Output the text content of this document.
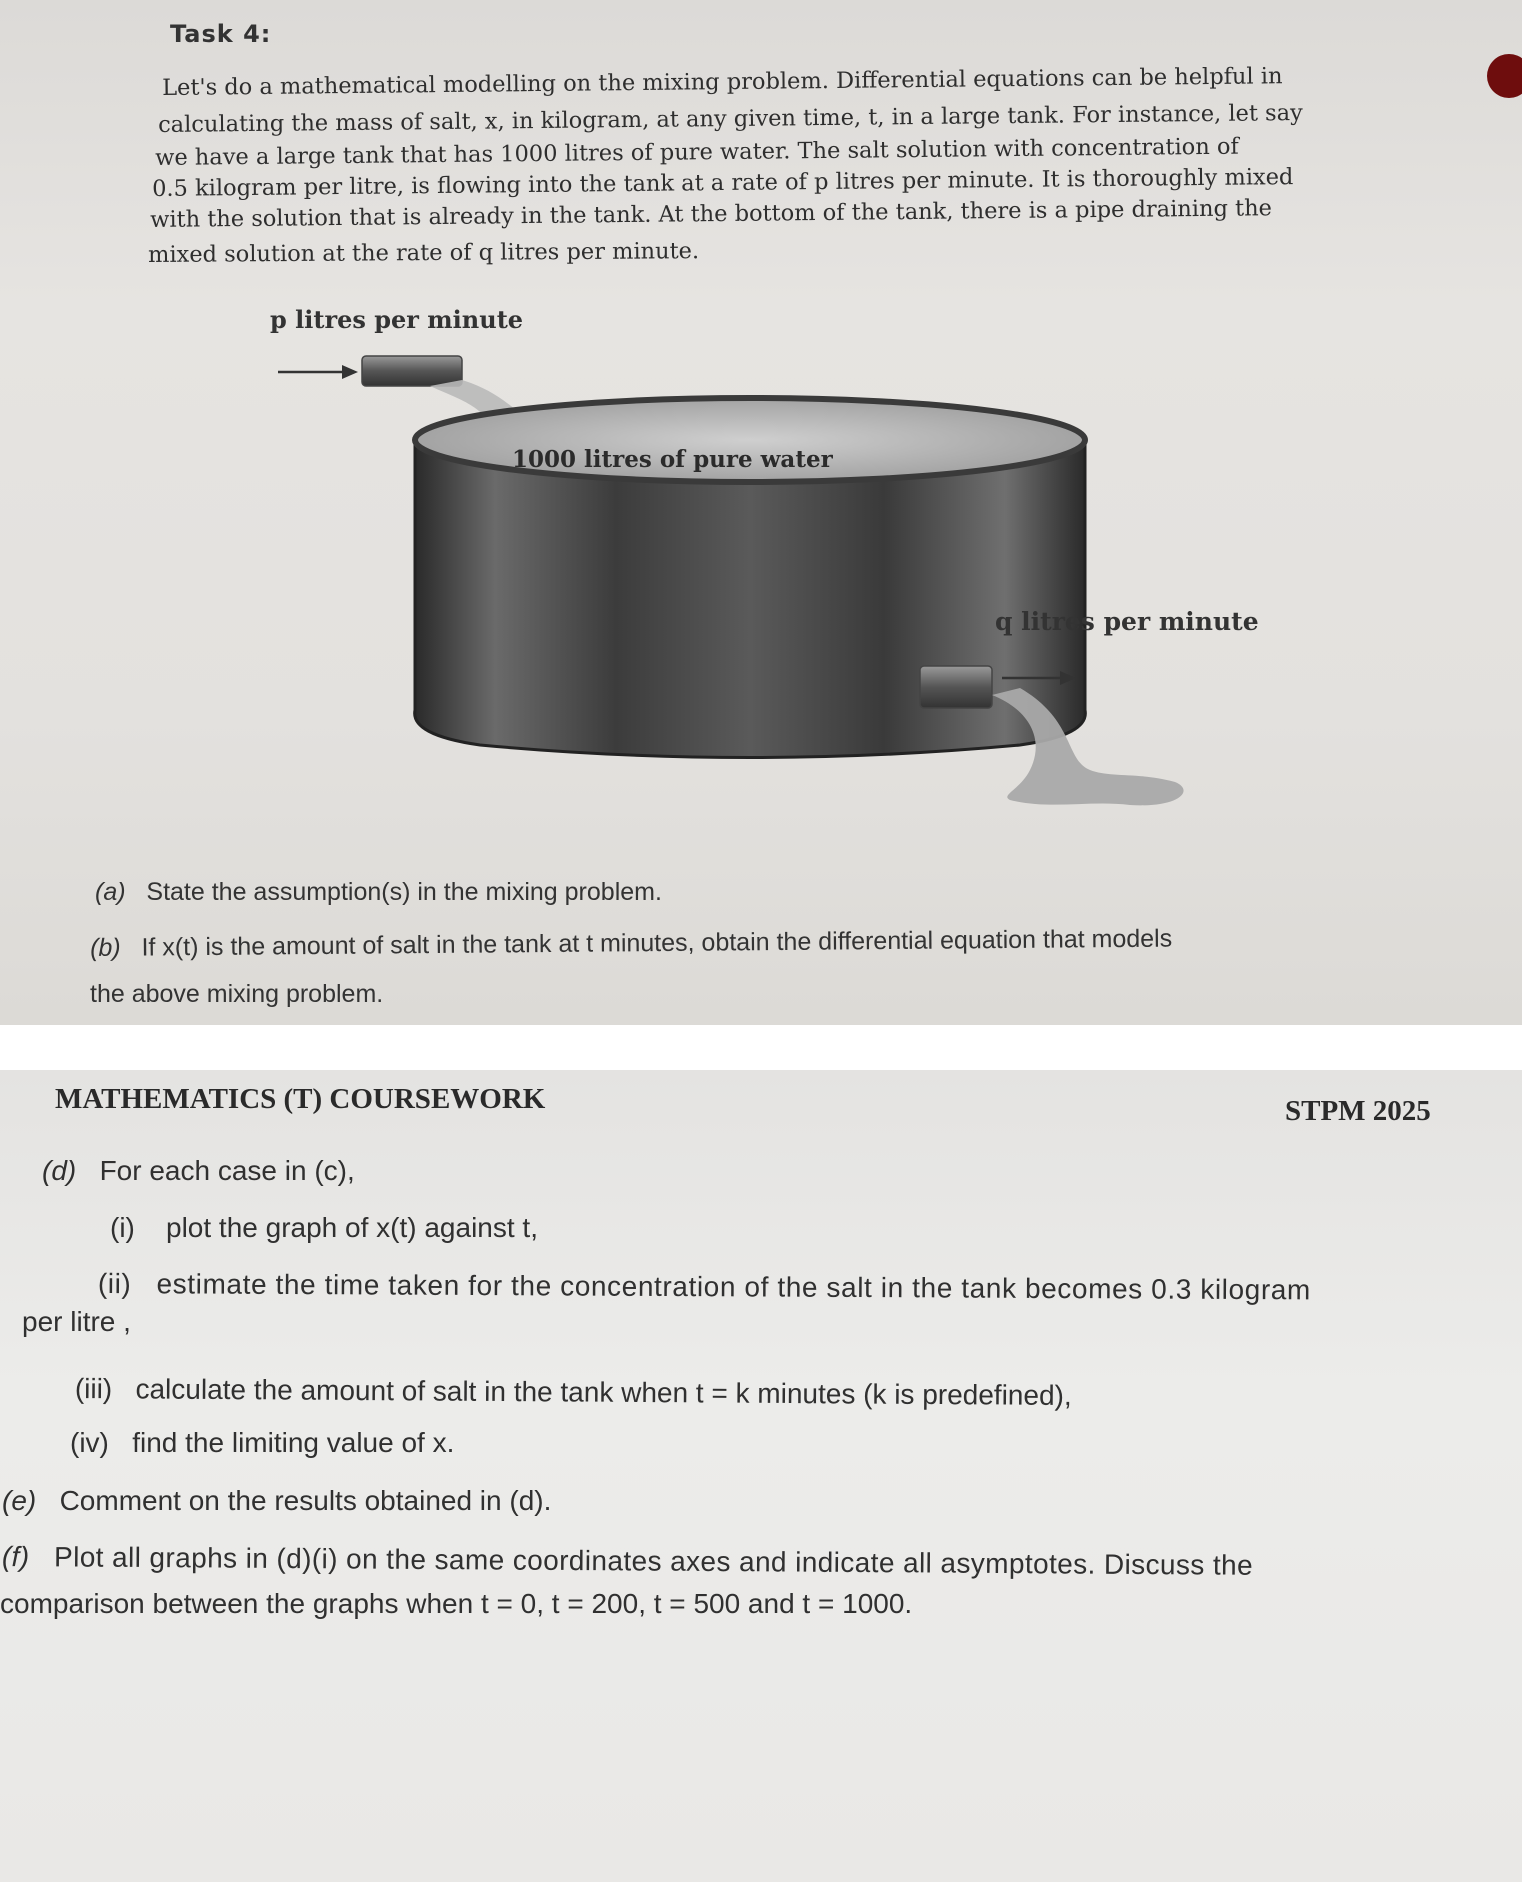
Task 4:

Let's do a mathematical modelling on the mixing problem. Differential equations can be helpful in

calculating the mass of salt, x, in kilogram, at any given time, t, in a large tank. For instance, let say

we have a large tank that has 1000 litres of pure water. The salt solution with concentration of

0.5 kilogram per litre, is flowing into the tank at a rate of p litres per minute. It is thoroughly mixed

with the solution that is already in the tank. At the bottom of the tank, there is a pipe draining the

mixed solution at the rate of q litres per minute.

p litres per minute
1000 litres of pure water
q litres per minute

(a) State the assumption(s) in the mixing problem.

(b) If x(t) is the amount of salt in the tank at t minutes, obtain the differential equation that models

the above mixing problem.

MATHEMATICS (T) COURSEWORK	STPM 2025

(d) For each case in (c),

(i) plot the graph of x(t) against t,

(ii) estimate the time taken for the concentration of the salt in the tank becomes 0.3 kilogram

per litre ,

(iii) calculate the amount of salt in the tank when t = k minutes (k is predefined),

(iv) find the limiting value of x.

(e) Comment on the results obtained in (d).

(f) Plot all graphs in (d)(i) on the same coordinates axes and indicate all asymptotes. Discuss the

comparison between the graphs when t = 0, t = 200, t = 500 and t = 1000.
